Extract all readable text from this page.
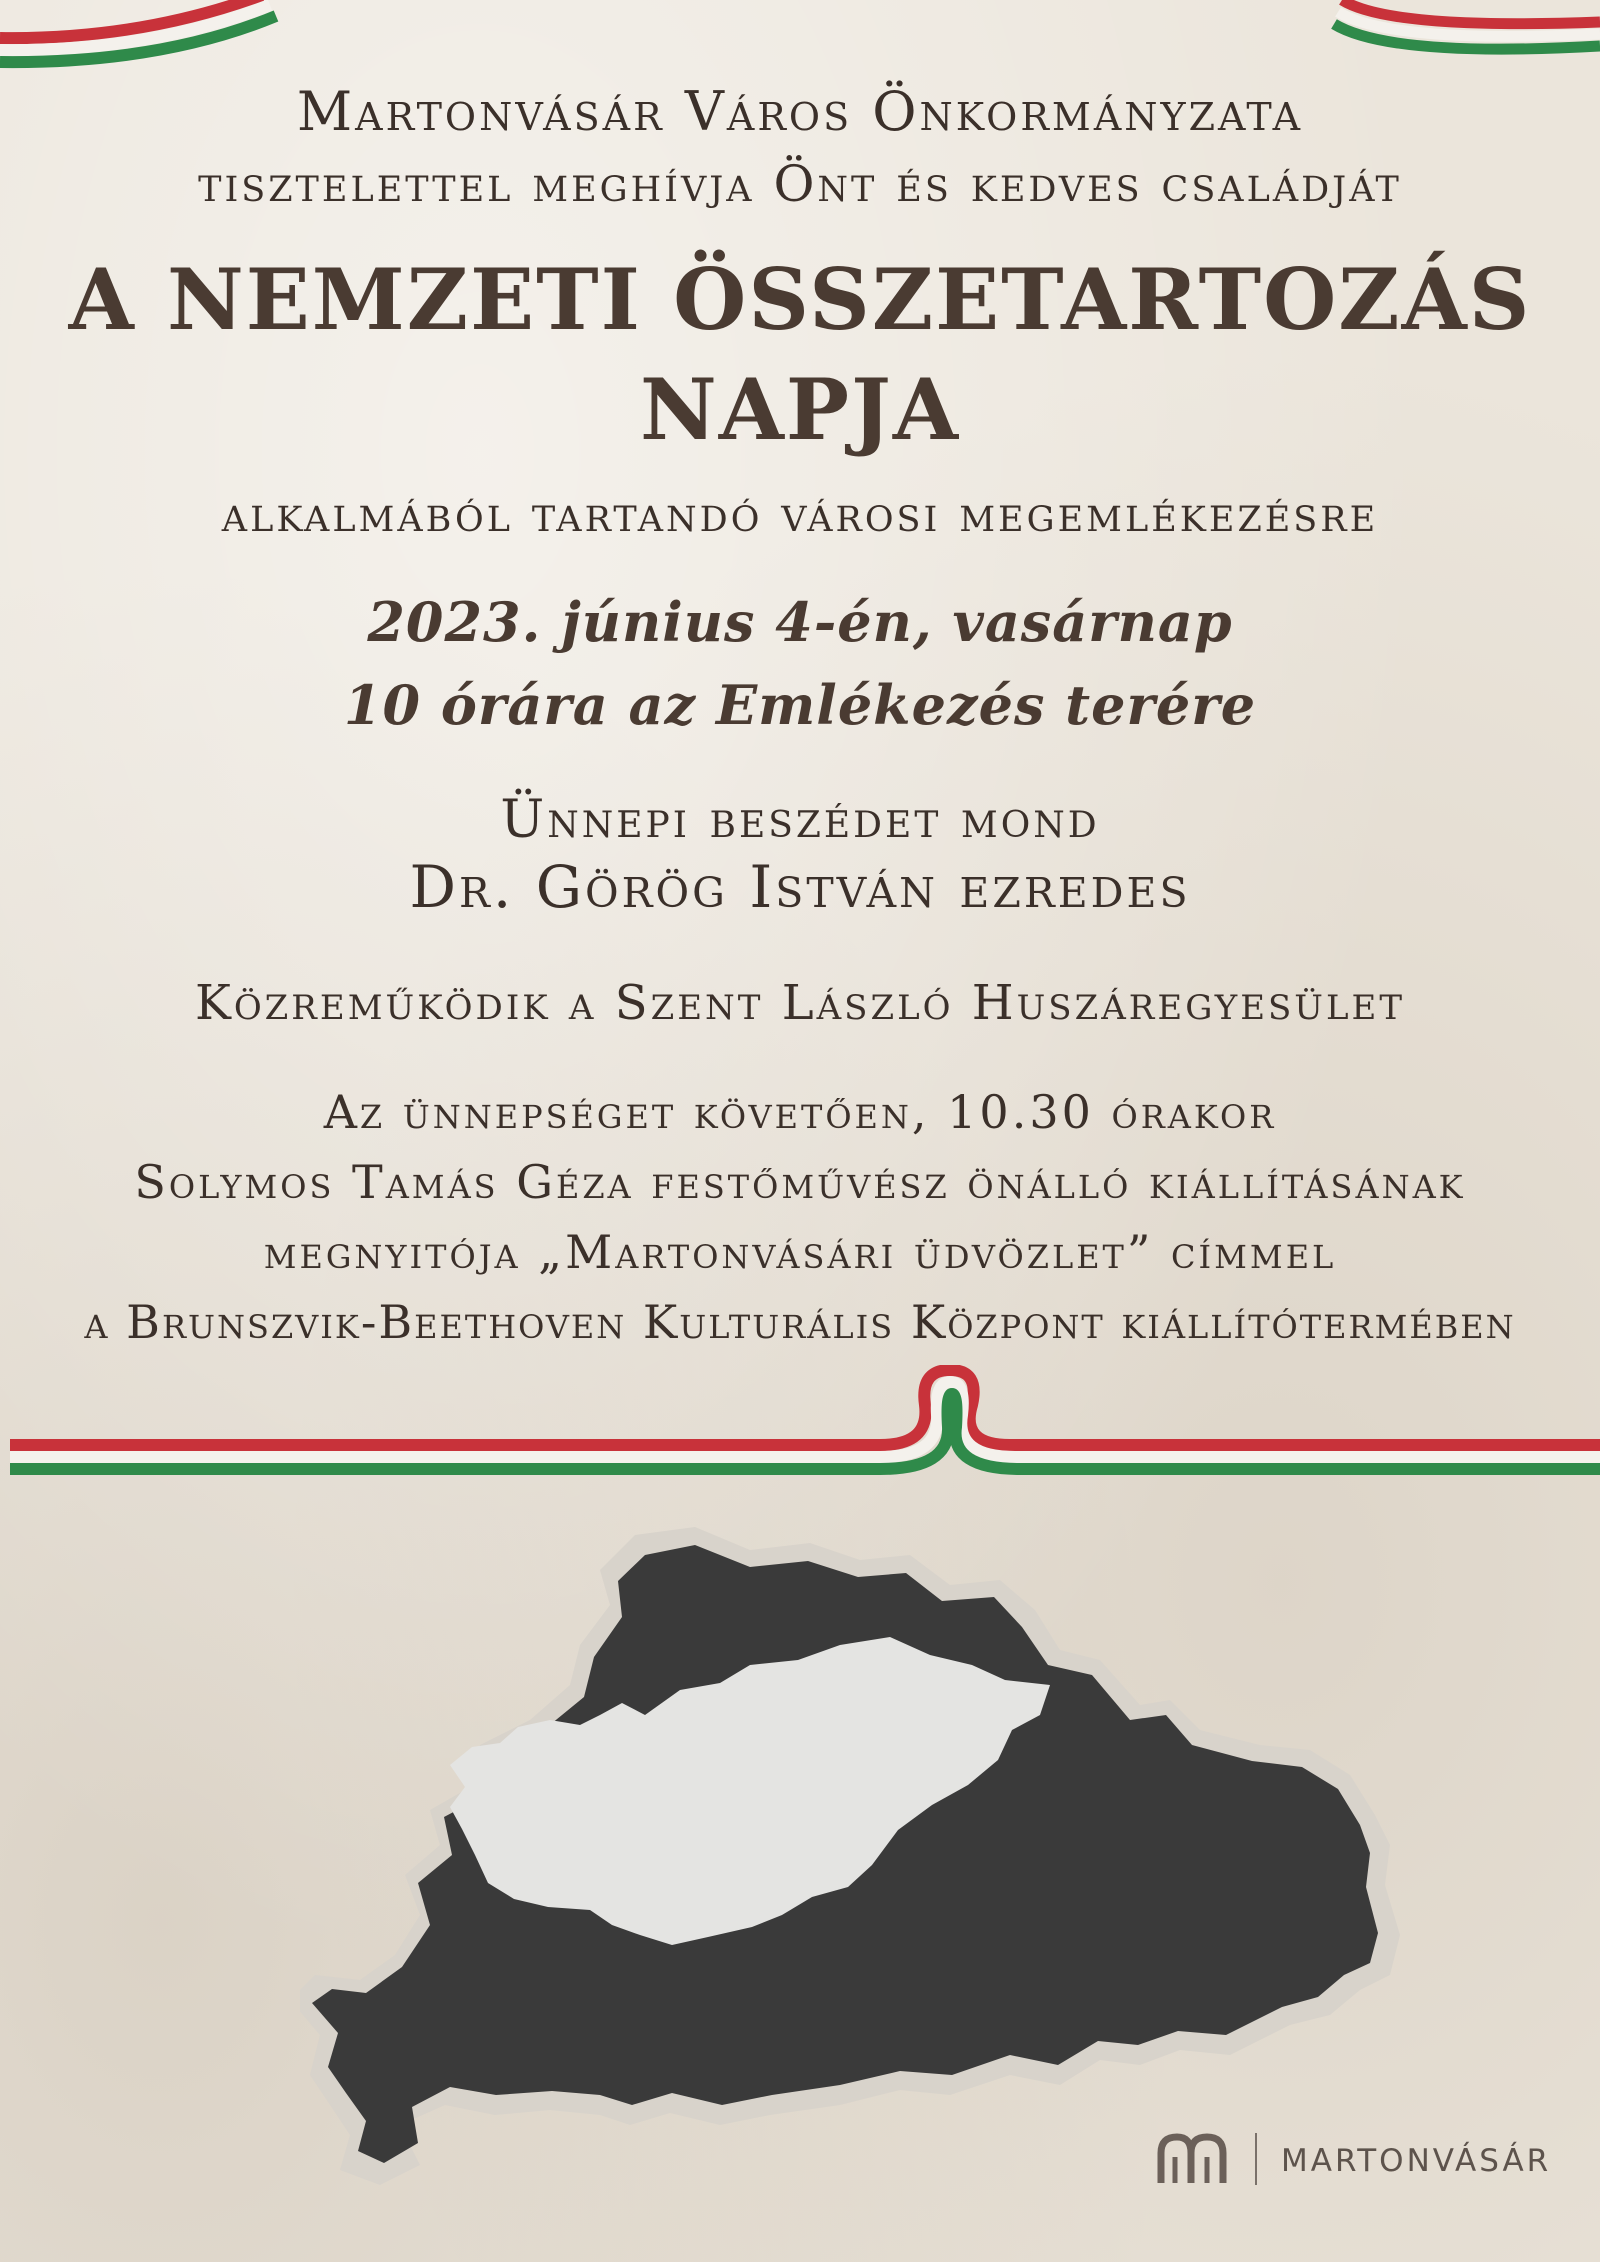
Martonvásár Város Önkormányzata
tisztelettel meghívja Önt és kedves családját
A NEMZETI ÖSSZETARTOZÁS
NAPJA
alkalmából tartandó városi megemlékezésre
2023. június 4-én, vasárnap
10 órára az Emlékezés terére
Ünnepi beszédet mond
Dr. Görög István ezredes
Közreműködik a Szent László Huszáregyesület
Az ünnepséget követően, 10.30 órakor
Solymos Tamás Géza festőművész önálló kiállításának
megnyitója „Martonvásári üdvözlet” címmel
a Brunszvik-Beethoven Kulturális Központ kiállítótermében
MARTONVÁSÁR
